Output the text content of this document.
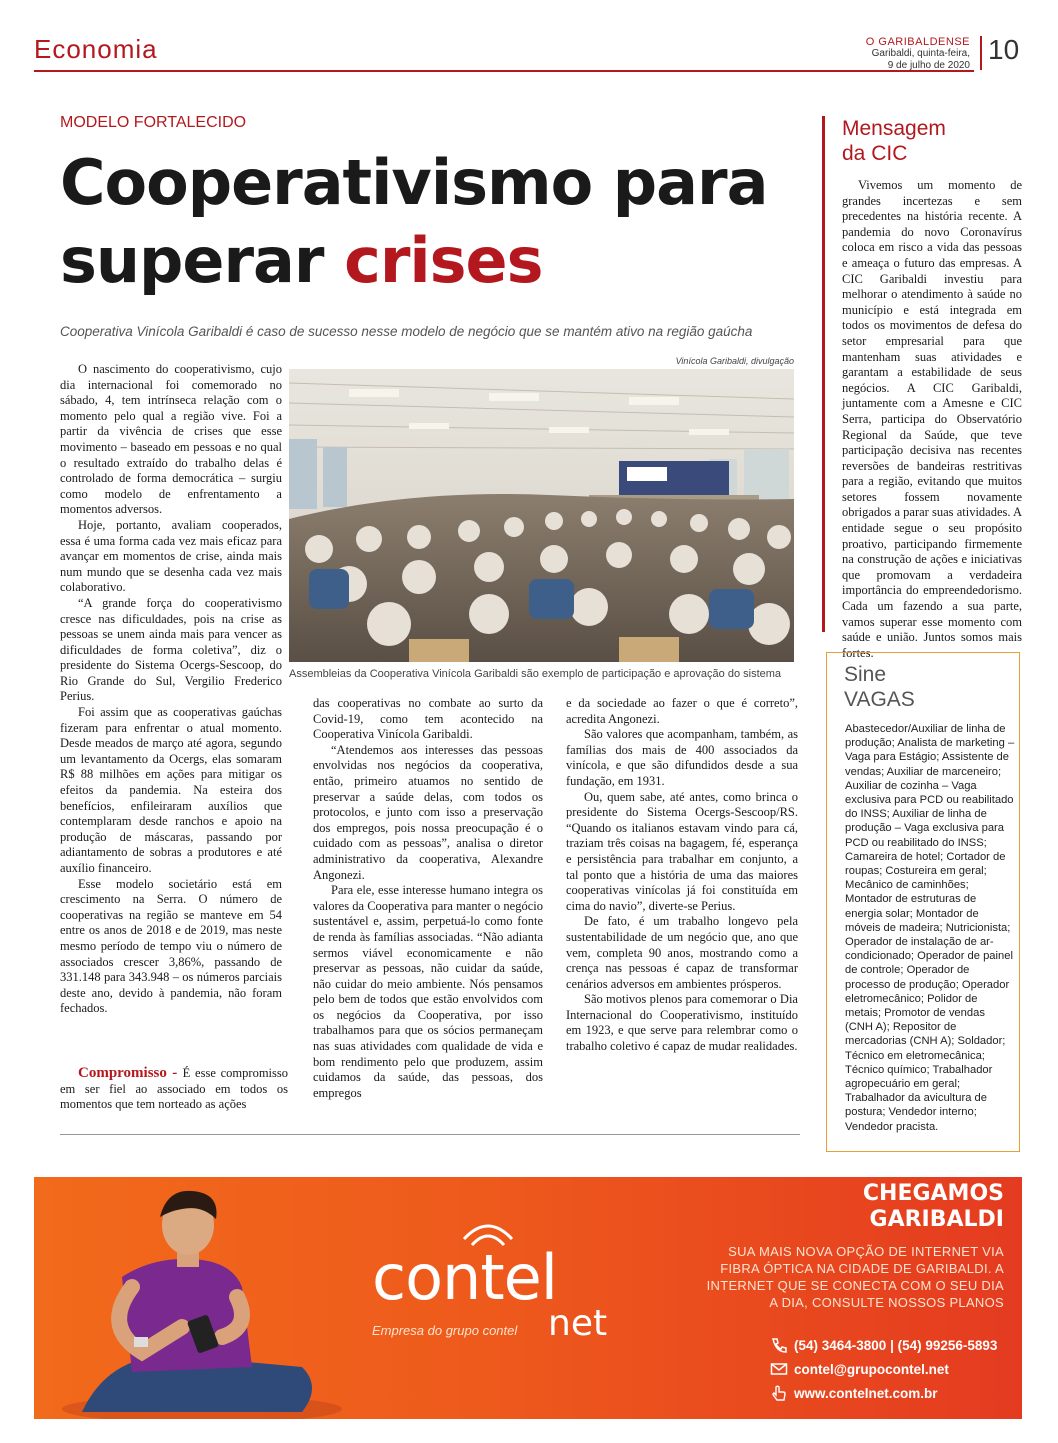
Economia	O GARIBALDENSE
Garibaldi, quinta-feira,
9 de julho de 2020
10
MODELO FORTALECIDO
Cooperativismo para superar crises
Cooperativa Vinícola Garibaldi é caso de sucesso nesse modelo de negócio que se mantém ativo na região gaúcha
Vinícola Garibaldi, divulgação
Assembleias da Cooperativa Vinícola Garibaldi são exemplo de participação e aprovação do sistema

O nascimento do cooperativismo, cujo dia internacional foi comemorado no sábado, 4, tem intrínseca relação com o momento pelo qual a região vive. Foi a partir da vivência de crises que esse movimento – baseado em pessoas e no qual o resultado extraído do trabalho delas é controlado de forma democrática – surgiu como modelo de enfrentamento a momentos adversos.

Hoje, portanto, avaliam cooperados, essa é uma forma cada vez mais eficaz para avançar em momentos de crise, ainda mais num mundo que se desenha cada vez mais colaborativo.

“A grande força do cooperativismo cresce nas dificuldades, pois na crise as pessoas se unem ainda mais para vencer as dificuldades de forma coletiva”, diz o presidente do Sistema Ocergs-Sescoop, do Rio Grande do Sul, Vergilio Frederico Perius.

Foi assim que as cooperativas gaúchas fizeram para enfrentar o atual momento. Desde meados de março até agora, segundo um levantamento da Ocergs, elas somaram R$ 88 milhões em ações para mitigar os efeitos da pandemia. Na esteira dos benefícios, enfileiraram auxílios que contemplaram desde ranchos e apoio na produção de máscaras, passando por adiantamento de sobras a produtores e até auxílio financeiro.

Esse modelo societário está em crescimento na Serra. O número de cooperativas na região se manteve em 54 entre os anos de 2018 e de 2019, mas neste mesmo período de tempo viu o número de associados crescer 3,86%, passando de 331.148 para 343.948 – os números parciais deste ano, devido à pandemia, não foram fechados.

Compromisso - É esse compromisso em ser fiel ao associado em todos os momentos que tem norteado as ações

das cooperativas no combate ao surto da Covid-19, como tem acontecido na Cooperativa Vinícola Garibaldi.

“Atendemos aos interesses das pessoas envolvidas nos negócios da cooperativa, então, primeiro atuamos no sentido de preservar a saúde delas, com todos os protocolos, e junto com isso a preservação dos empregos, pois nossa preocupação é o cuidado com as pessoas”, analisa o diretor administrativo da cooperativa, Alexandre Angonezi.

Para ele, esse interesse humano integra os valores da Cooperativa para manter o negócio sustentável e, assim, perpetuá-lo como fonte de renda às famílias associadas. “Não adianta sermos viável economicamente e não preservar as pessoas, não cuidar da saúde, não cuidar do meio ambiente. Nós pensamos pelo bem de todos que estão envolvidos com os negócios da Cooperativa, por isso trabalhamos para que os sócios permaneçam nas suas atividades com qualidade de vida e bom rendimento pelo que produzem, assim cuidamos da saúde, das pessoas, dos empregos

e da sociedade ao fazer o que é correto”, acredita Angonezi.

São valores que acompanham, também, as famílias dos mais de 400 associados da vinícola, e que são difundidos desde a sua fundação, em 1931.

Ou, quem sabe, até antes, como brinca o presidente do Sistema Ocergs-Sescoop/RS. “Quando os italianos estavam vindo para cá, traziam três coisas na bagagem, fé, esperança e persistência para trabalhar em conjunto, a tal ponto que a história de uma das maiores cooperativas vinícolas já foi constituída em cima do navio”, diverte-se Perius.

De fato, é um trabalho longevo pela sustentabilidade de um negócio que, ano que vem, completa 90 anos, mostrando como a crença nas pessoas é capaz de transformar cenários adversos em ambientes prósperos.

São motivos plenos para comemorar o Dia Internacional do Cooperativismo, instituído em 1923, e que serve para relembrar como o trabalho coletivo é capaz de mudar realidades.

Mensagem
da CIC

Vivemos um momento de grandes incertezas e sem precedentes na história recente. A pandemia do novo Coronavírus coloca em risco a vida das pessoas e ameaça o futuro das empresas. A CIC Garibaldi investiu para melhorar o atendimento à saúde no município e está integrada em todos os movimentos de defesa do setor empresarial para que mantenham suas atividades e garantam a estabilidade de seus negócios. A CIC Garibaldi, juntamente com a Amesne e CIC Serra, participa do Observatório Regional da Saúde, que teve participação decisiva nas recentes reversões de bandeiras restritivas para a região, evitando que muitos setores fossem novamente obrigados a parar suas atividades. A entidade segue o seu propósito proativo, participando firmemente na construção de ações e iniciativas que promovam a verdadeira importância do empreendedorismo. Cada um fazendo a sua parte, vamos superar esse momento com saúde e união. Juntos somos mais fortes.

Sine
VAGAS
Abastecedor/Auxiliar de linha de produção; Analista de marketing – Vaga para Estágio; Assistente de vendas; Auxiliar de marceneiro; Auxiliar de cozinha – Vaga exclusiva para PCD ou reabilitado do INSS; Auxiliar de linha de produção – Vaga exclusiva para PCD ou reabilitado do INSS; Camareira de hotel; Cortador de roupas; Costureira em geral; Mecânico de caminhões; Montador de estruturas de energia solar; Montador de móveis de madeira; Nutricionista; Operador de instalação de ar-condicionado; Operador de painel de controle; Operador de processo de produção; Operador eletromecânico; Polidor de metais; Promotor de vendas (CNH A); Repositor de mercadorias (CNH A); Soldador; Técnico em eletromecânica; Técnico químico; Trabalhador agropecuário em geral; Trabalhador da avicultura de postura; Vendedor interno; Vendedor pracista.
contel
net
Empresa do grupo contel
CHEGAMOS
GARIBALDI
SUA MAIS NOVA OPÇÃO DE INTERNET VIA FIBRA ÓPTICA NA CIDADE DE GARIBALDI. A INTERNET QUE SE CONECTA COM O SEU DIA A DIA, CONSULTE NOSSOS PLANOS
(54) 3464-3800 | (54) 99256-5893
contel@grupocontel.net
www.contelnet.com.br
